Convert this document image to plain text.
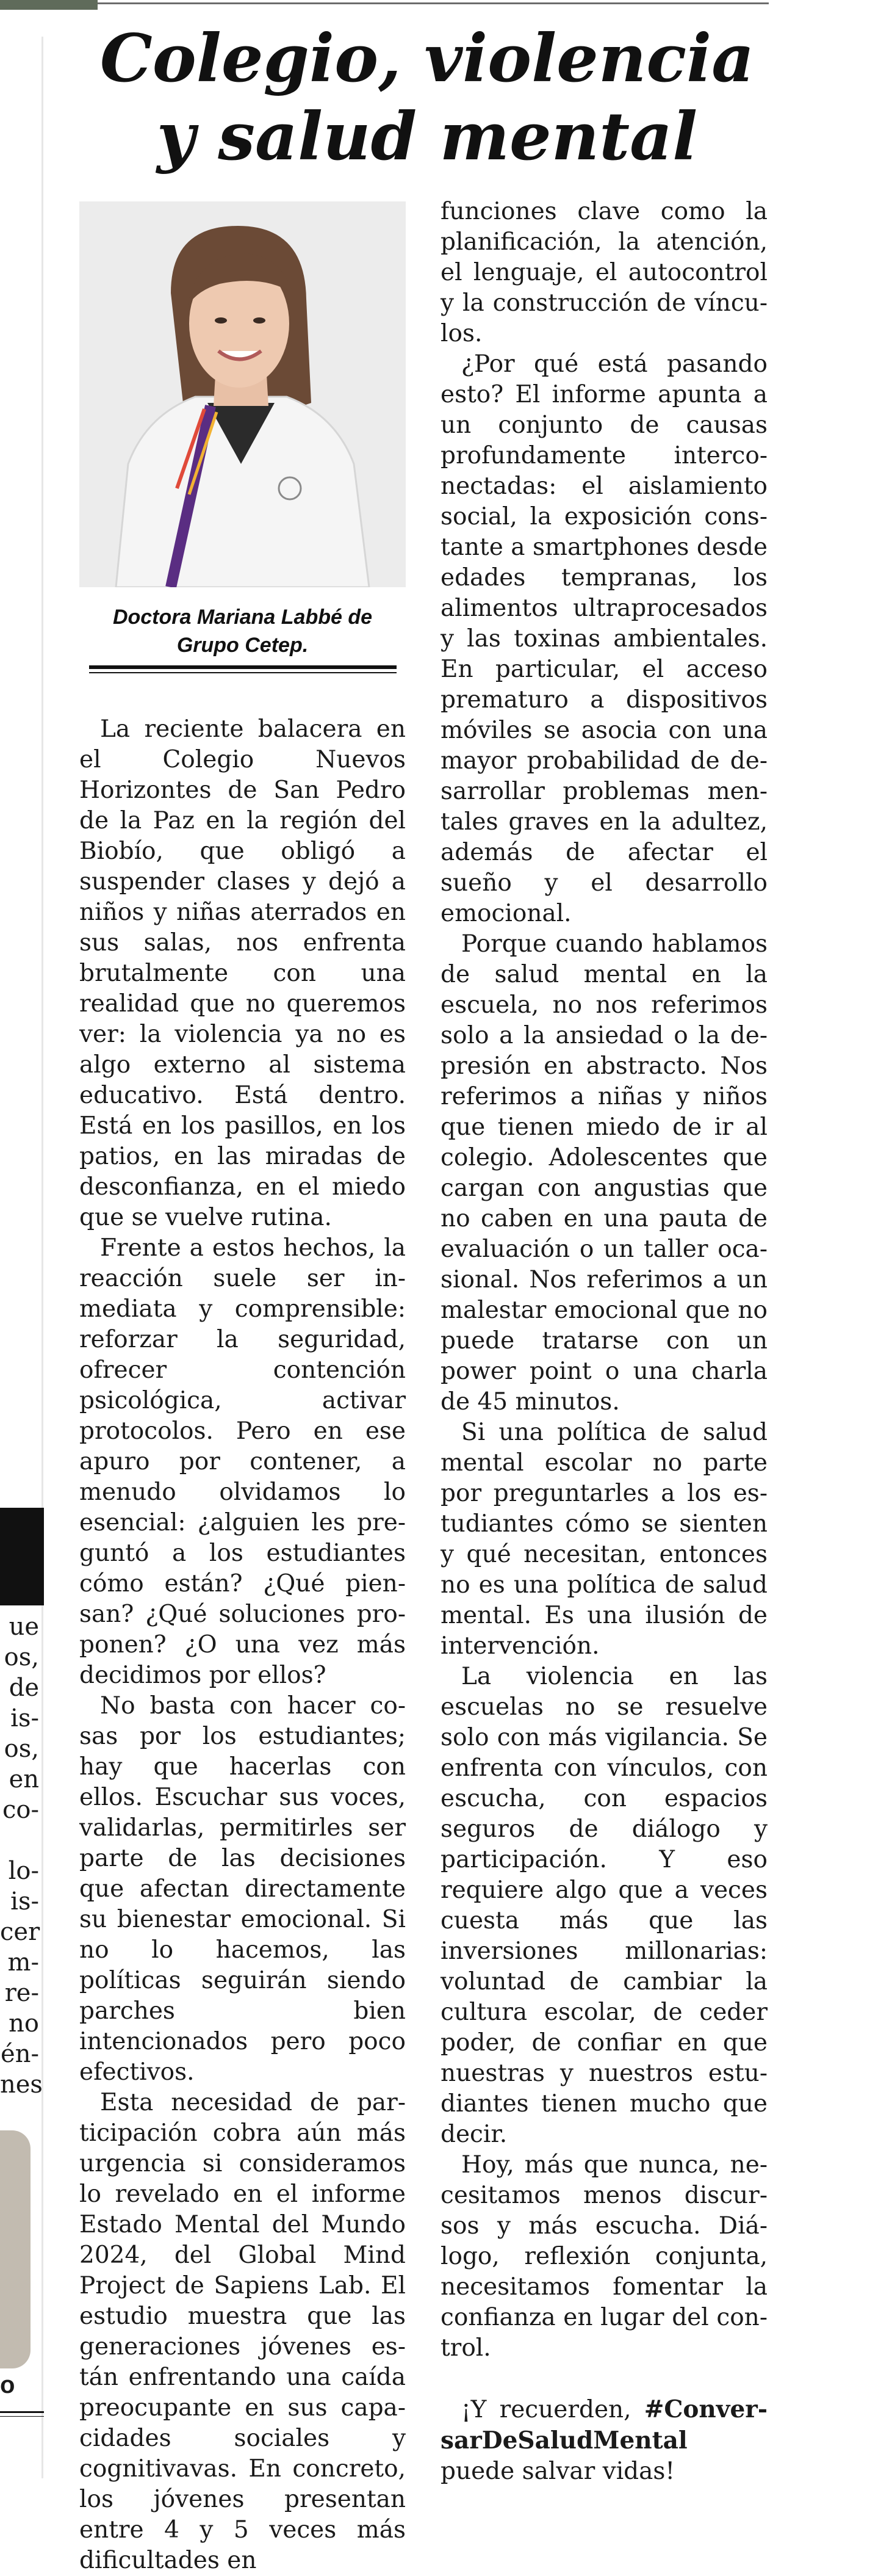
ue
os,
de
is-
os,
en
co-

lo-
is-
cer
m-
re-
no
én-
nes
o
Colegio, violencia
y salud mental
Doctora Mariana Labbé de Grupo Cetep.

La reciente balacera en el Colegio Nuevos Horizontes de San Pedro de la Paz en la región del Biobío, que obligó a suspender clases y dejó a niños y niñas aterrados en sus salas, nos enfrenta brutalmente con una realidad que no queremos ver: la violencia ya no es algo externo al sistema educativo. Está dentro. Está en los pasillos, en los patios, en las miradas de desconfianza, en el miedo que se vuelve rutina.

Frente a estos hechos, la reacción suele ser inmediata y comprensible: reforzar la seguridad, ofrecer contención psicológica, activar protocolos. Pero en ese apuro por contener, a menudo olvidamos lo esencial: ¿alguien les preguntó a los estudiantes cómo están? ¿Qué piensan? ¿Qué soluciones proponen? ¿O una vez más decidimos por ellos?

No basta con hacer cosas por los estudiantes; hay que hacerlas con ellos. Escuchar sus voces, validarlas, permitirles ser parte de las decisiones que afectan directamente su bienestar emocional. Si no lo hacemos, las políticas seguirán siendo parches bien intencionados pero poco efectivos.

Esta necesidad de participación cobra aún más urgencia si consideramos lo revelado en el informe Estado Mental del Mundo 2024, del Global Mind Project de Sapiens Lab. El estudio muestra que las generaciones jóvenes están enfrentando una caída preocupante en sus capacidades sociales y cognitivavas. En concreto, los jóvenes presentan entre 4 y 5 veces más dificultades en

funciones clave como la planificación, la atención, el lenguaje, el autocontrol y la construcción de vínculos.

¿Por qué está pasando esto? El informe apunta a un conjunto de causas profundamente interconectadas: el aislamiento social, la exposición constante a smartphones desde edades tempranas, los alimentos ultraprocesados y las toxinas ambientales. En particular, el acceso prematuro a dispositivos móviles se asocia con una mayor probabilidad de desarrollar problemas mentales graves en la adultez, además de afectar el sueño y el desarrollo emocional.

Porque cuando hablamos de salud mental en la escuela, no nos referimos solo a la ansiedad o la depresión en abstracto. Nos referimos a niñas y niños que tienen miedo de ir al colegio. Adolescentes que cargan con angustias que no caben en una pauta de evaluación o un taller ocasional. Nos referimos a un malestar emocional que no puede tratarse con un power point o una charla de 45 minutos.

Si una política de salud mental escolar no parte por preguntarles a los estudiantes cómo se sienten y qué necesitan, entonces no es una política de salud mental. Es una ilusión de intervención.

La violencia en las escuelas no se resuelve solo con más vigilancia. Se enfrenta con vínculos, con escucha, con espacios seguros de diálogo y participación. Y eso requiere algo que a veces cuesta más que las inversiones millonarias: voluntad de cambiar la cultura escolar, de ceder poder, de confiar en que nuestras y nuestros estudiantes tienen mucho que decir.

Hoy, más que nunca, necesitamos menos discursos y más escucha. Diálogo, reflexión conjunta, necesitamos fomentar la confianza en lugar del control.

¡Y recuerden, #ConversarDeSaludMental puede salvar vidas!
